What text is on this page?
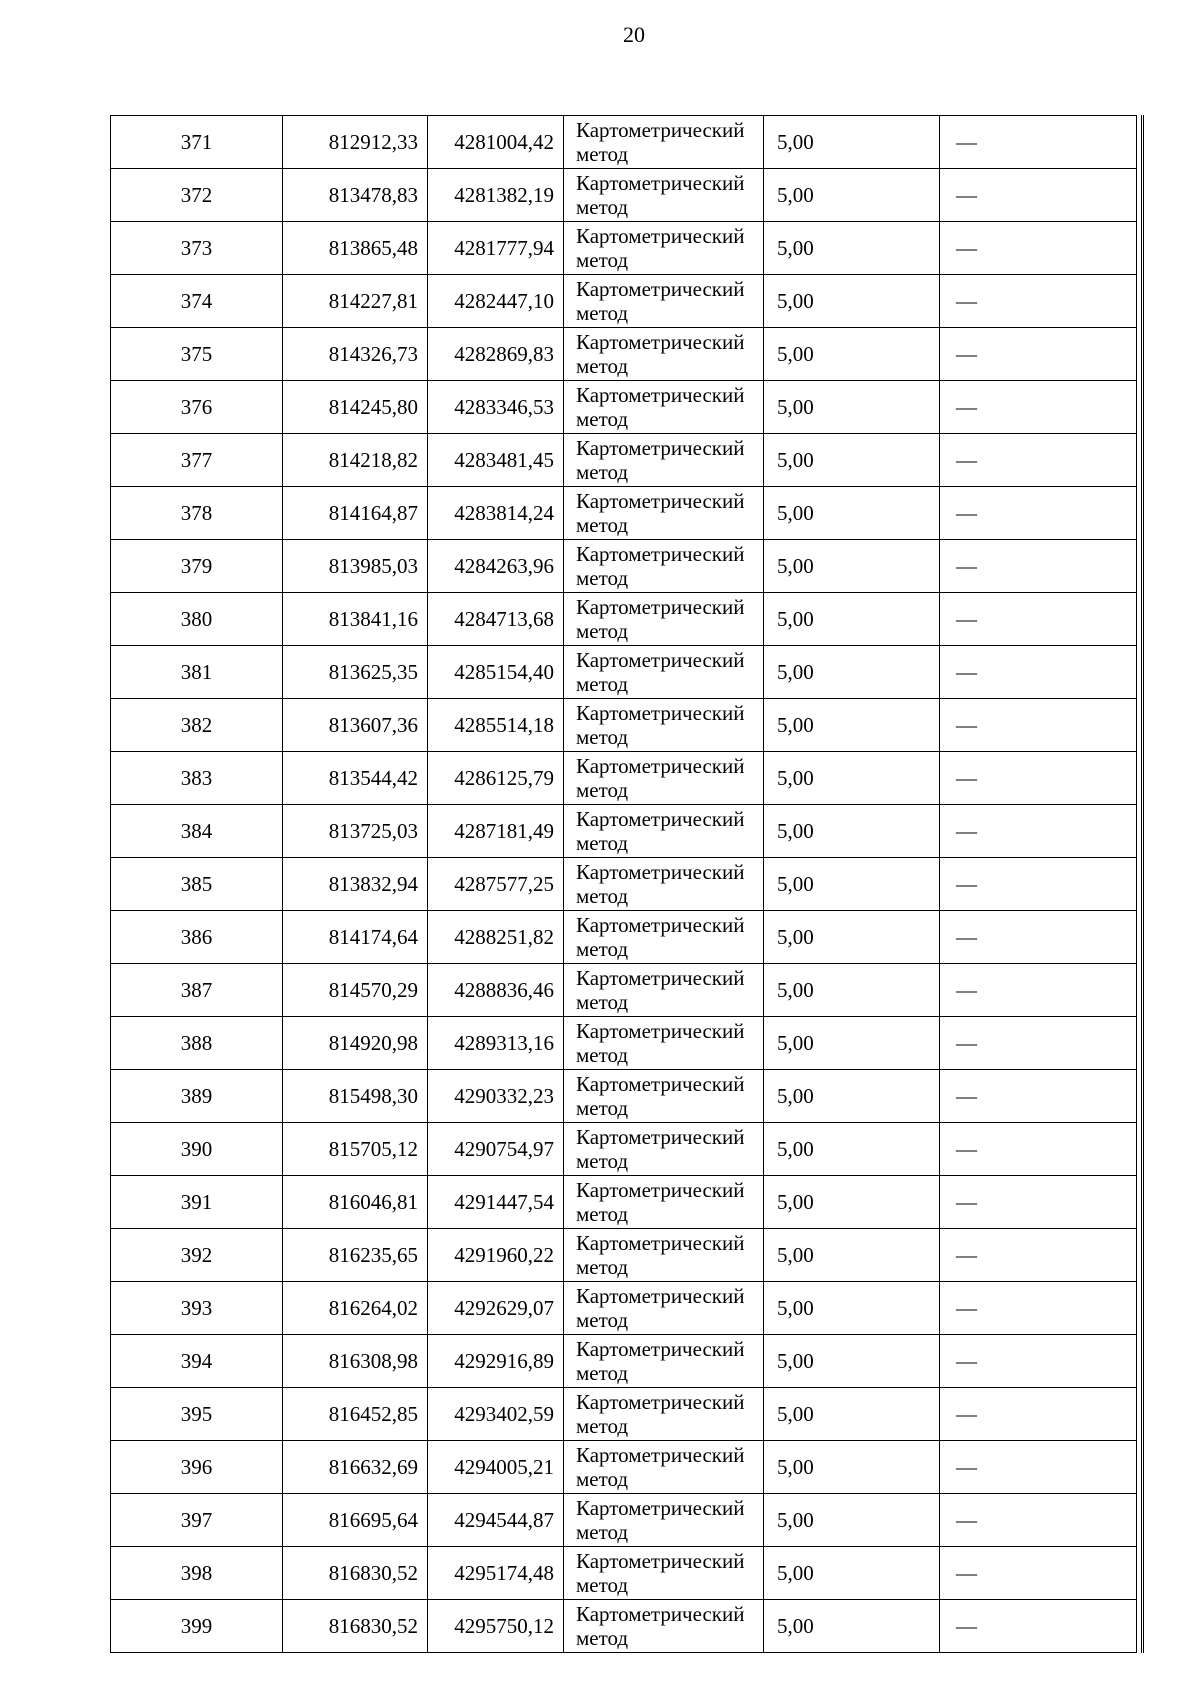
20
371	812912,33	4281004,42	Картометрический
метод	5,00	—
372	813478,83	4281382,19	Картометрический
метод	5,00	—
373	813865,48	4281777,94	Картометрический
метод	5,00	—
374	814227,81	4282447,10	Картометрический
метод	5,00	—
375	814326,73	4282869,83	Картометрический
метод	5,00	—
376	814245,80	4283346,53	Картометрический
метод	5,00	—
377	814218,82	4283481,45	Картометрический
метод	5,00	—
378	814164,87	4283814,24	Картометрический
метод	5,00	—
379	813985,03	4284263,96	Картометрический
метод	5,00	—
380	813841,16	4284713,68	Картометрический
метод	5,00	—
381	813625,35	4285154,40	Картометрический
метод	5,00	—
382	813607,36	4285514,18	Картометрический
метод	5,00	—
383	813544,42	4286125,79	Картометрический
метод	5,00	—
384	813725,03	4287181,49	Картометрический
метод	5,00	—
385	813832,94	4287577,25	Картометрический
метод	5,00	—
386	814174,64	4288251,82	Картометрический
метод	5,00	—
387	814570,29	4288836,46	Картометрический
метод	5,00	—
388	814920,98	4289313,16	Картометрический
метод	5,00	—
389	815498,30	4290332,23	Картометрический
метод	5,00	—
390	815705,12	4290754,97	Картометрический
метод	5,00	—
391	816046,81	4291447,54	Картометрический
метод	5,00	—
392	816235,65	4291960,22	Картометрический
метод	5,00	—
393	816264,02	4292629,07	Картометрический
метод	5,00	—
394	816308,98	4292916,89	Картометрический
метод	5,00	—
395	816452,85	4293402,59	Картометрический
метод	5,00	—
396	816632,69	4294005,21	Картометрический
метод	5,00	—
397	816695,64	4294544,87	Картометрический
метод	5,00	—
398	816830,52	4295174,48	Картометрический
метод	5,00	—
399	816830,52	4295750,12	Картометрический
метод	5,00	—
